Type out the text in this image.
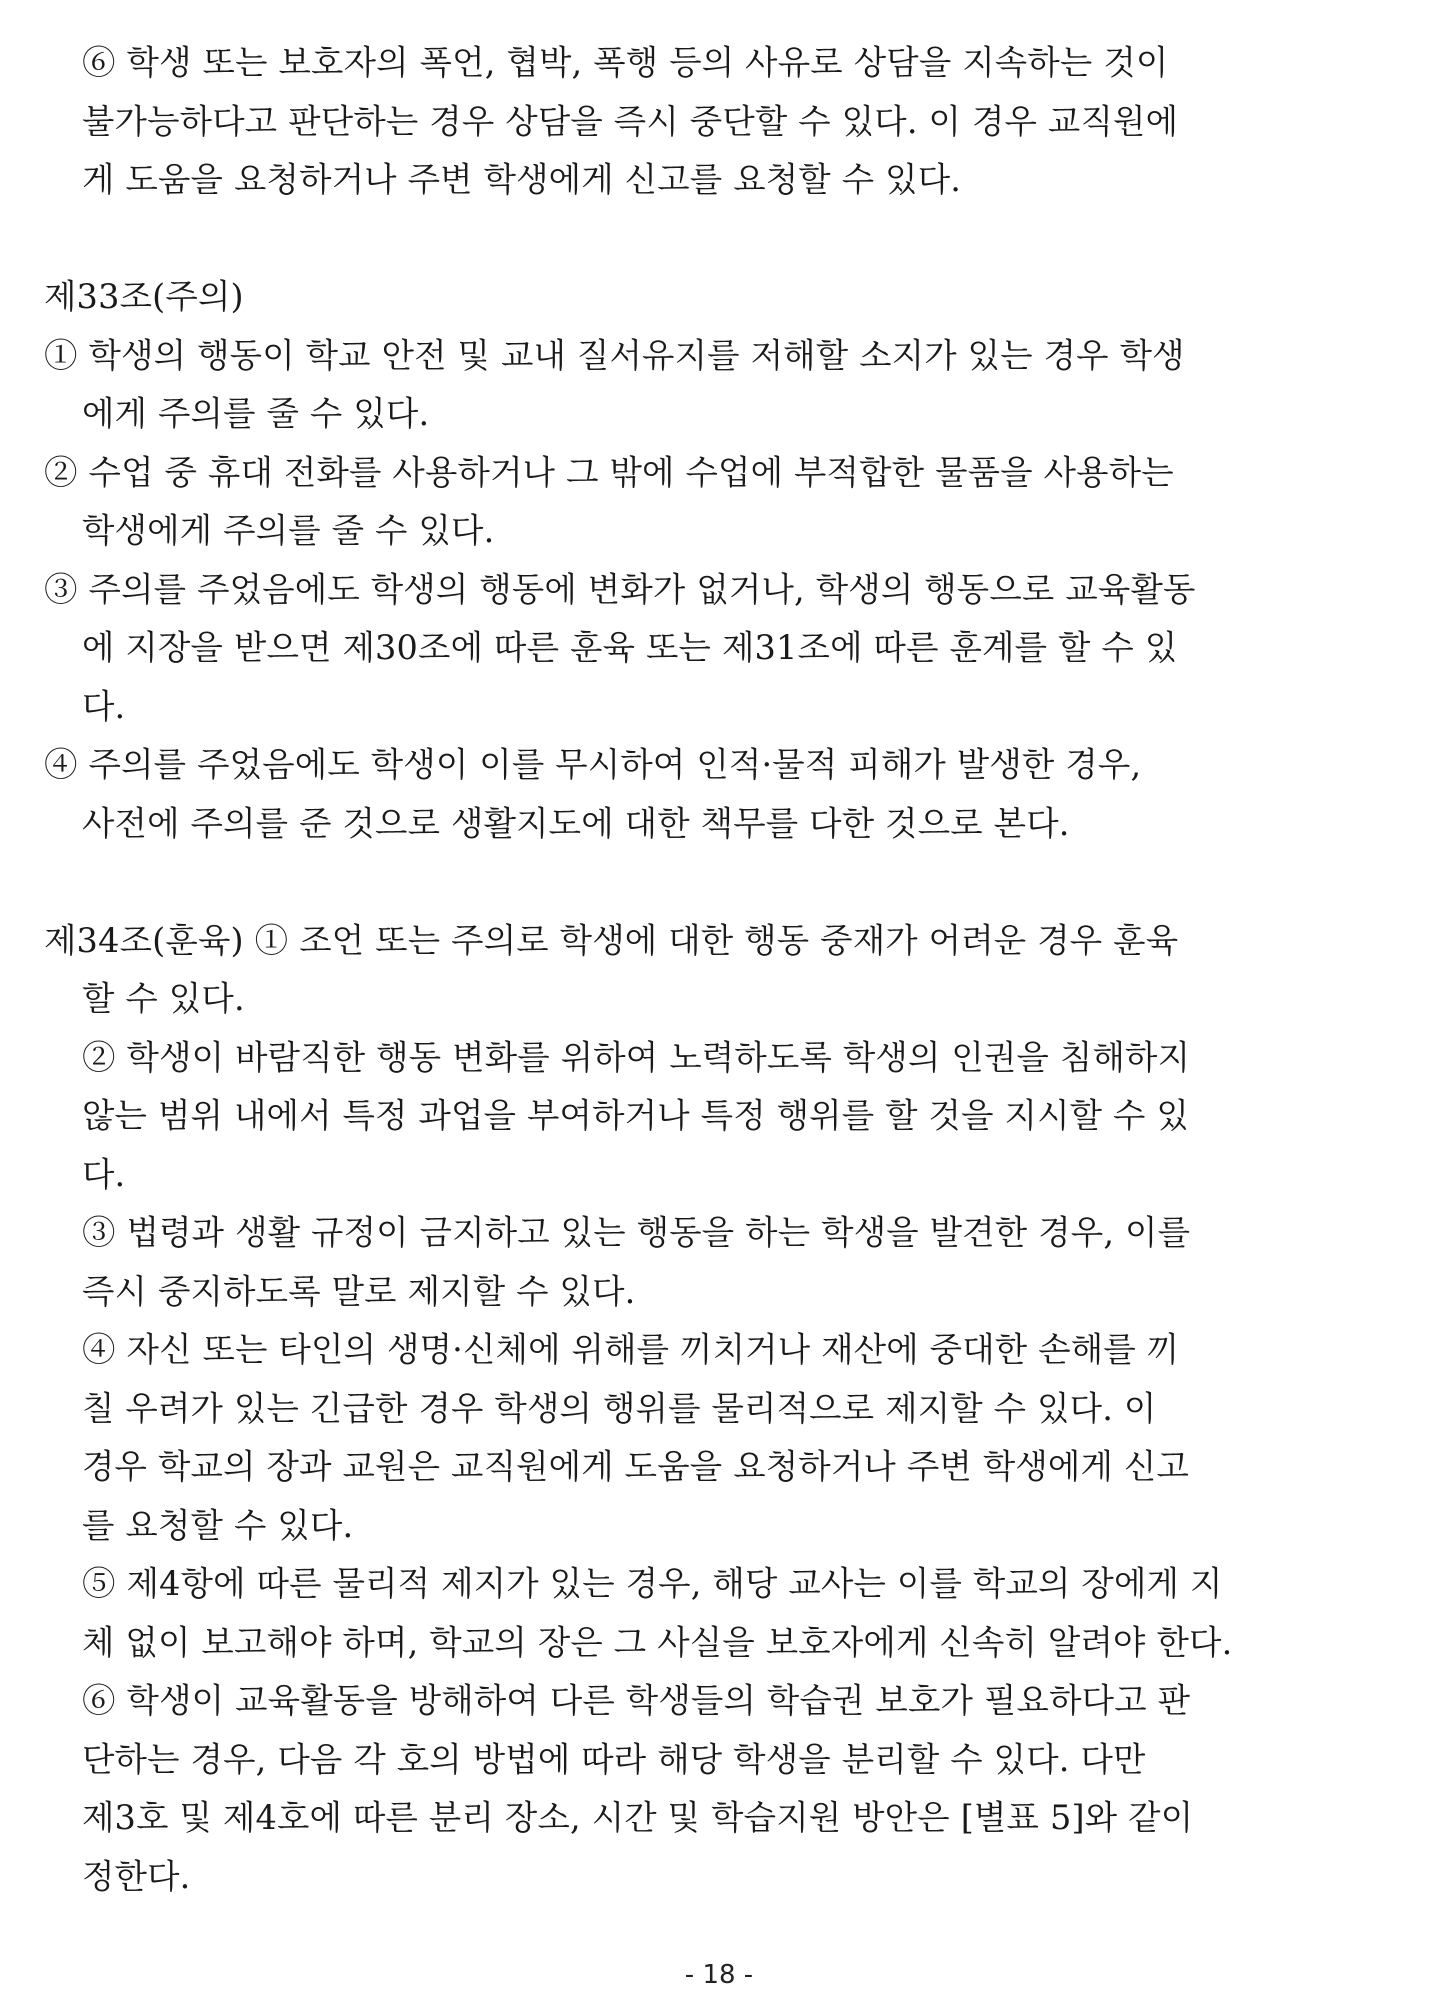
⑥ 학생 또는 보호자의 폭언, 협박, 폭행 등의 사유로 상담을 지속하는 것이
불가능하다고 판단하는 경우 상담을 즉시 중단할 수 있다. 이 경우 교직원에
게 도움을 요청하거나 주변 학생에게 신고를 요청할 수 있다.
제33조(주의)
① 학생의 행동이 학교 안전 및 교내 질서유지를 저해할 소지가 있는 경우 학생
에게 주의를 줄 수 있다.
② 수업 중 휴대 전화를 사용하거나 그 밖에 수업에 부적합한 물품을 사용하는
학생에게 주의를 줄 수 있다.
③ 주의를 주었음에도 학생의 행동에 변화가 없거나, 학생의 행동으로 교육활동
에 지장을 받으면 제30조에 따른 훈육 또는 제31조에 따른 훈계를 할 수 있
다.
④ 주의를 주었음에도 학생이 이를 무시하여 인적·물적 피해가 발생한 경우,
사전에 주의를 준 것으로 생활지도에 대한 책무를 다한 것으로 본다.
제34조(훈육) ① 조언 또는 주의로 학생에 대한 행동 중재가 어려운 경우 훈육
할 수 있다.
② 학생이 바람직한 행동 변화를 위하여 노력하도록 학생의 인권을 침해하지
않는 범위 내에서 특정 과업을 부여하거나 특정 행위를 할 것을 지시할 수 있
다.
③ 법령과 생활 규정이 금지하고 있는 행동을 하는 학생을 발견한 경우, 이를
즉시 중지하도록 말로 제지할 수 있다.
④ 자신 또는 타인의 생명·신체에 위해를 끼치거나 재산에 중대한 손해를 끼
칠 우려가 있는 긴급한 경우 학생의 행위를 물리적으로 제지할 수 있다. 이
경우 학교의 장과 교원은 교직원에게 도움을 요청하거나 주변 학생에게 신고
를 요청할 수 있다.
⑤ 제4항에 따른 물리적 제지가 있는 경우, 해당 교사는 이를 학교의 장에게 지
체 없이 보고해야 하며, 학교의 장은 그 사실을 보호자에게 신속히 알려야 한다.
⑥ 학생이 교육활동을 방해하여 다른 학생들의 학습권 보호가 필요하다고 판
단하는 경우, 다음 각 호의 방법에 따라 해당 학생을 분리할 수 있다. 다만
제3호 및 제4호에 따른 분리 장소, 시간 및 학습지원 방안은 [별표 5]와 같이
정한다.
- 18 -
